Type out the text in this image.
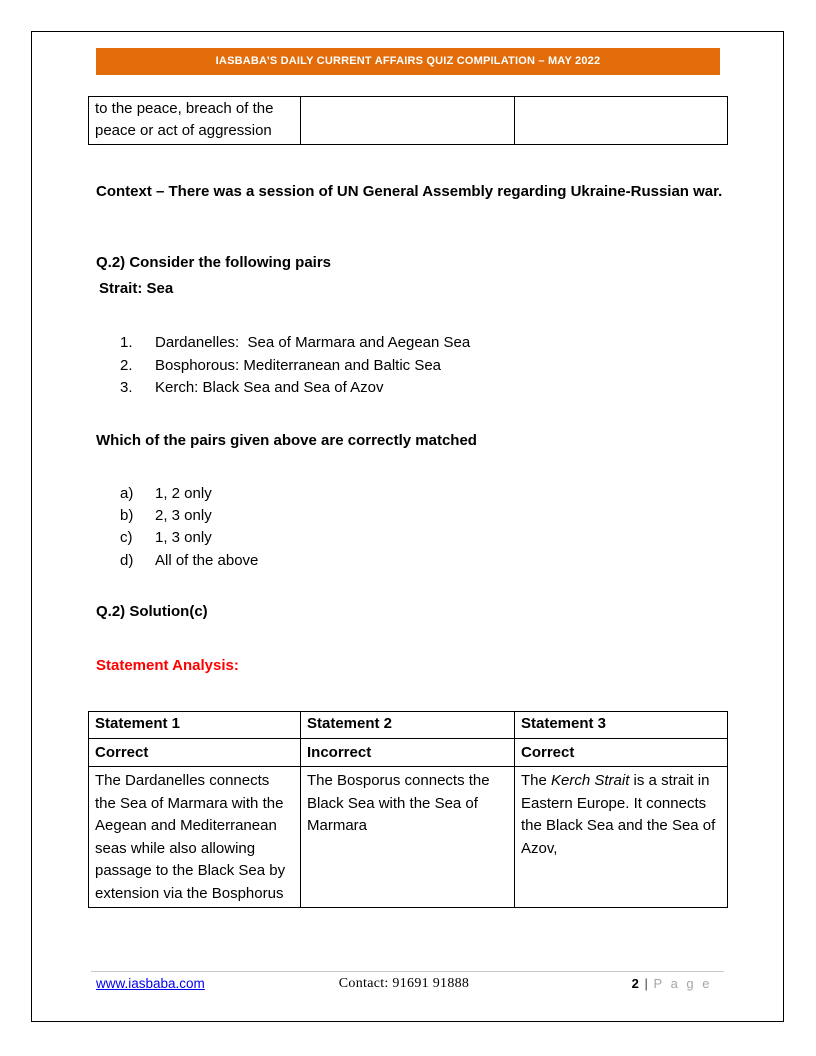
IASBABA’S DAILY CURRENT AFFAIRS QUIZ COMPILATION – MAY 2022
to the peace, breach of the peace or act of aggression		
Context – There was a session of UN General Assembly regarding Ukraine-Russian war.
Q.2) Consider the following pairs
Strait: Sea
1.	Dardanelles:  Sea of Marmara and Aegean Sea
2.	Bosphorous: Mediterranean and Baltic Sea
3.	Kerch: Black Sea and Sea of Azov
Which of the pairs given above are correctly matched
a)	1, 2 only
b)	2, 3 only
c)	1, 3 only
d)	All of the above
Q.2) Solution(c)
Statement Analysis:
Statement 1	Statement 2	Statement 3
Correct	Incorrect	Correct
The Dardanelles connects the Sea of Marmara with the Aegean and Mediterranean seas while also allowing passage to the Black Sea by extension via the Bosphorus	The Bosporus connects the Black Sea with the Sea of Marmara	The Kerch Strait is a strait in Eastern Europe. It connects the Black Sea and the Sea of Azov,
www.iasbaba.com	Contact: 91691 91888	2 | P a g e
